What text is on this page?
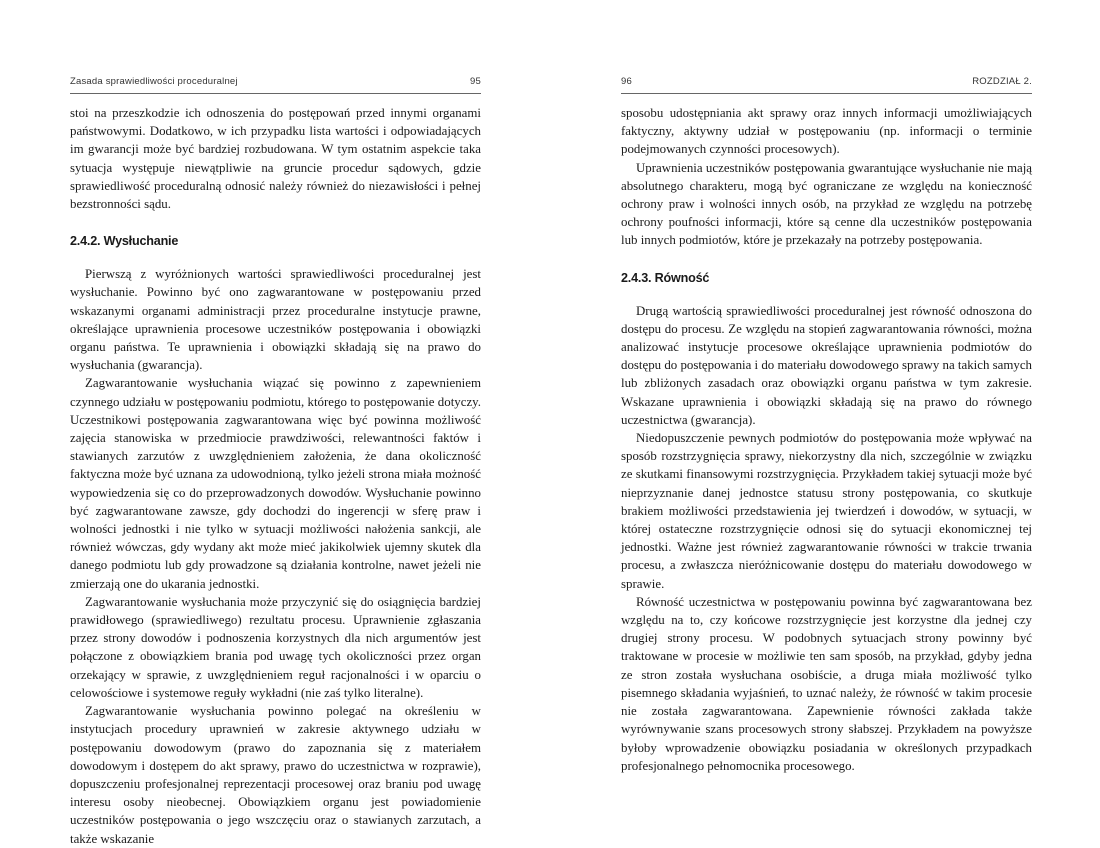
Zasada sprawiedliwości proceduralnej	95

stoi na przeszkodzie ich odnoszenia do postępowań przed innymi organami państwowymi. Dodatkowo, w ich przypadku lista wartości i odpowiadających im gwarancji może być bardziej rozbudowana. W tym ostatnim aspekcie taka sytuacja występuje niewątpliwie na gruncie procedur sądowych, gdzie sprawiedliwość proceduralną odnosić należy również do niezawisłości i pełnej bezstronności sądu.

2.4.2. Wysłuchanie

Pierwszą z wyróżnionych wartości sprawiedliwości proceduralnej jest wysłuchanie. Powinno być ono zagwarantowane w postępowaniu przed wskazanymi organami administracji przez proceduralne instytucje prawne, określające uprawnienia procesowe uczestników postępowania i obowiązki organu państwa. Te uprawnienia i obowiązki składają się na prawo do wysłuchania (gwarancja).

Zagwarantowanie wysłuchania wiązać się powinno z zapewnieniem czynnego udziału w postępowaniu podmiotu, którego to postępowanie dotyczy. Uczestnikowi postępowania zagwarantowana więc być powinna możliwość zajęcia stanowiska w przedmiocie prawdziwości, relewantności faktów i stawianych zarzutów z uwzględnieniem założenia, że dana okoliczność faktyczna może być uznana za udowodnioną, tylko jeżeli strona miała możność wypowiedzenia się co do przeprowadzonych dowodów. Wysłuchanie powinno być zagwarantowane zawsze, gdy dochodzi do ingerencji w sferę praw i wolności jednostki i nie tylko w sytuacji możliwości nałożenia sankcji, ale również wówczas, gdy wydany akt może mieć jakikolwiek ujemny skutek dla danego podmiotu lub gdy prowadzone są działania kontrolne, nawet jeżeli nie zmierzają one do ukarania jednostki.

Zagwarantowanie wysłuchania może przyczynić się do osiągnięcia bardziej prawidłowego (sprawiedliwego) rezultatu procesu. Uprawnienie zgłaszania przez strony dowodów i podnoszenia korzystnych dla nich argumentów jest połączone z obowiązkiem brania pod uwagę tych okoliczności przez organ orzekający w sprawie, z uwzględnieniem reguł racjonalności i w oparciu o celowościowe i systemowe reguły wykładni (nie zaś tylko literalne).

Zagwarantowanie wysłuchania powinno polegać na określeniu w instytucjach procedury uprawnień w zakresie aktywnego udziału w postępowaniu dowodowym (prawo do zapoznania się z materiałem dowodowym i dostępem do akt sprawy, prawo do uczestnictwa w rozprawie), dopuszczeniu profesjonalnej reprezentacji procesowej oraz braniu pod uwagę interesu osoby nieobecnej. Obowiązkiem organu jest powiadomienie uczestników postępowania o jego wszczęciu oraz o stawianych zarzutach, a także wskazanie

96	ROZDZIAŁ 2.

sposobu udostępniania akt sprawy oraz innych informacji umożliwiających faktyczny, aktywny udział w postępowaniu (np. informacji o terminie podejmowanych czynności procesowych).

Uprawnienia uczestników postępowania gwarantujące wysłuchanie nie mają absolutnego charakteru, mogą być ograniczane ze względu na konieczność ochrony praw i wolności innych osób, na przykład ze względu na potrzebę ochrony poufności informacji, które są cenne dla uczestników postępowania lub innych podmiotów, które je przekazały na potrzeby postępowania.

2.4.3. Równość

Drugą wartością sprawiedliwości proceduralnej jest równość odnoszona do dostępu do procesu. Ze względu na stopień zagwarantowania równości, można analizować instytucje procesowe określające uprawnienia podmiotów do dostępu do postępowania i do materiału dowodowego sprawy na takich samych lub zbliżonych zasadach oraz obowiązki organu państwa w tym zakresie. Wskazane uprawnienia i obowiązki składają się na prawo do równego uczestnictwa (gwarancja).

Niedopuszczenie pewnych podmiotów do postępowania może wpływać na sposób rozstrzygnięcia sprawy, niekorzystny dla nich, szczególnie w związku ze skutkami finansowymi rozstrzygnięcia. Przykładem takiej sytuacji może być nieprzyznanie danej jednostce statusu strony postępowania, co skutkuje brakiem możliwości przedstawienia jej twierdzeń i dowodów, w sytuacji, w której ostateczne rozstrzygnięcie odnosi się do sytuacji ekonomicznej tej jednostki. Ważne jest również zagwarantowanie równości w trakcie trwania procesu, a zwłaszcza nieróżnicowanie dostępu do materiału dowodowego w sprawie.

Równość uczestnictwa w postępowaniu powinna być zagwarantowana bez względu na to, czy końcowe rozstrzygnięcie jest korzystne dla jednej czy drugiej strony procesu. W podobnych sytuacjach strony powinny być traktowane w procesie w możliwie ten sam sposób, na przykład, gdyby jedna ze stron została wysłuchana osobiście, a druga miała możliwość tylko pisemnego składania wyjaśnień, to uznać należy, że równość w takim procesie nie została zagwarantowana. Zapewnienie równości zakłada także wyrównywanie szans procesowych strony słabszej. Przykładem na powyższe byłoby wprowadzenie obowiązku posiadania w określonych przypadkach profesjonalnego pełnomocnika procesowego.
